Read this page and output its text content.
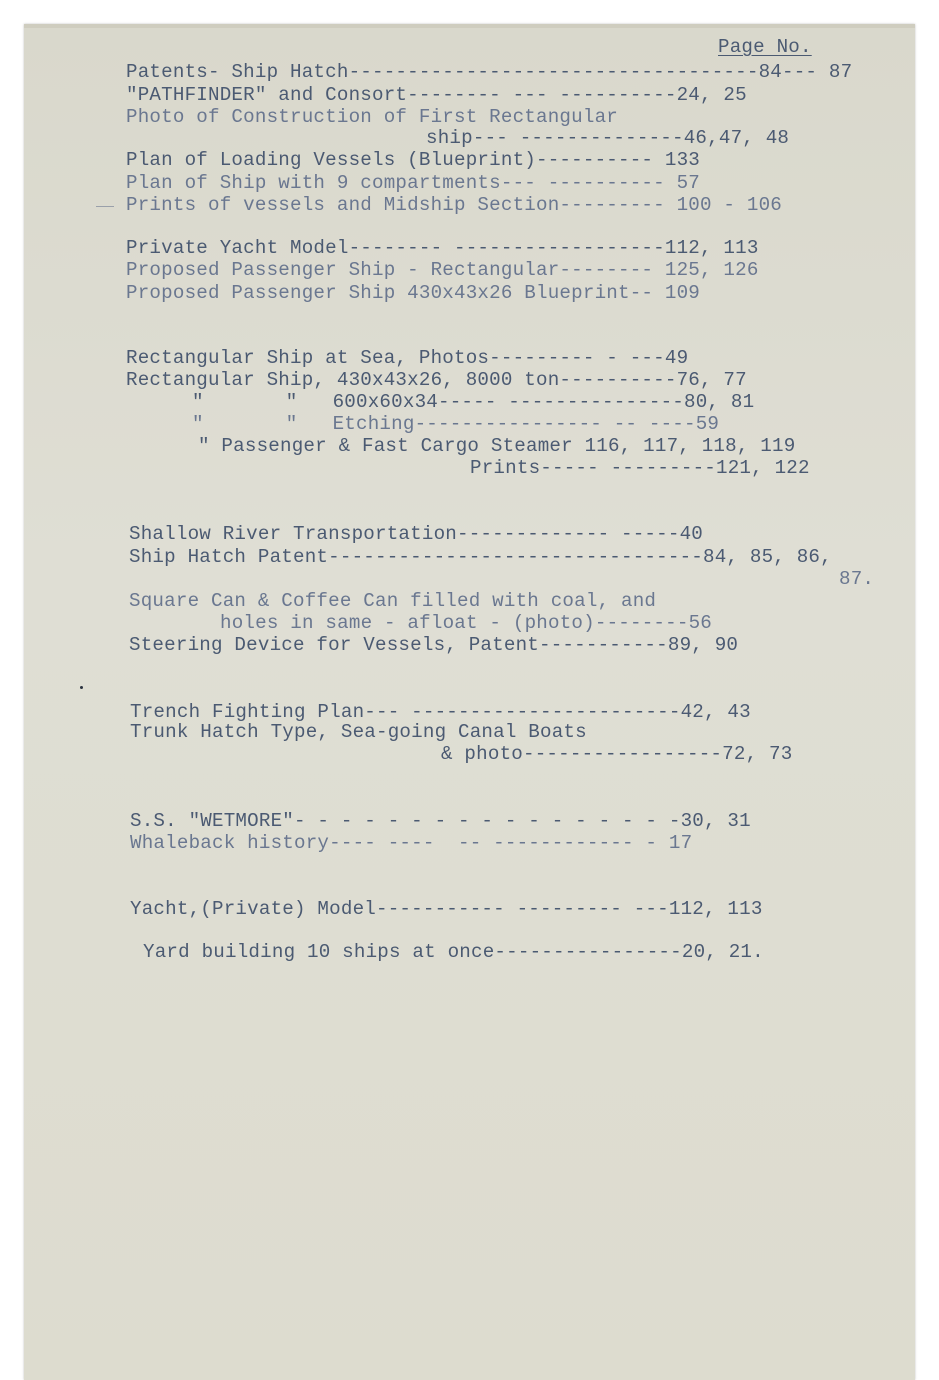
Page No.
Patents- Ship Hatch-----------------------------------84--- 87
"PATHFINDER" and Consort-------- --- ----------24, 25
Photo of Construction of First Rectangular
ship--- --------------46,47, 48
Plan of Loading Vessels (Blueprint)---------- 133
Plan of Ship with 9 compartments--- ---------- 57
Prints of vessels and Midship Section--------- 100 - 106
Private Yacht Model-------- ------------------112, 113
Proposed Passenger Ship - Rectangular-------- 125, 126
Proposed Passenger Ship 430x43x26 Blueprint-- 109
Rectangular Ship at Sea, Photos--------- - ---49
Rectangular Ship, 430x43x26, 8000 ton----------76, 77
"       "   600x60x34----- ---------------80, 81
"       "   Etching---------------- -- ----59
" Passenger & Fast Cargo Steamer 116, 117, 118, 119
Prints----- ---------121, 122
Shallow River Transportation------------- -----40
Ship Hatch Patent--------------------------------84, 85, 86,
87.
Square Can & Coffee Can filled with coal, and
holes in same - afloat - (photo)--------56
Steering Device for Vessels, Patent-----------89, 90
Trench Fighting Plan--- -----------------------42, 43
Trunk Hatch Type, Sea-going Canal Boats
& photo-----------------72, 73
S.S. "WETMORE"- - - - - - - - - - - - - - - - -30, 31
Whaleback history---- ----  -- ------------ - 17
Yacht,(Private) Model----------- --------- ---112, 113
Yard building 10 ships at once----------------20, 21.
